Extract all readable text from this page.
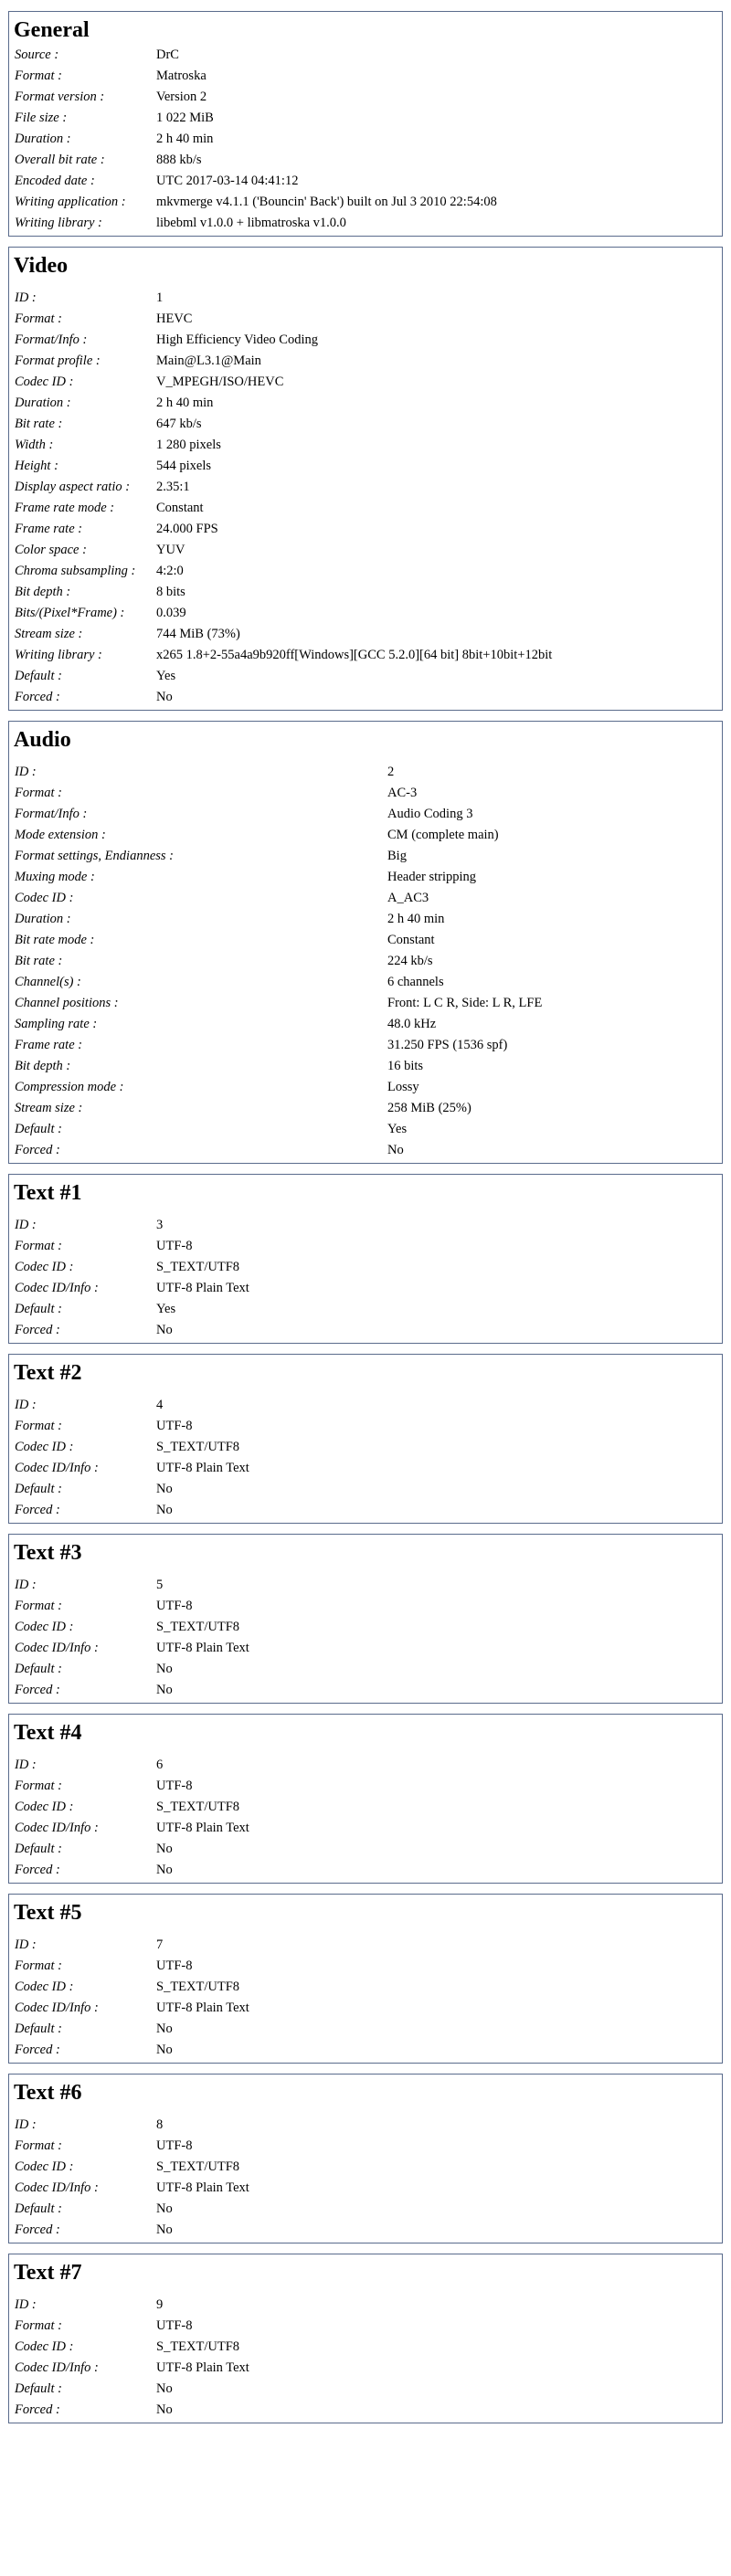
General
Source :	DrC
Format :	Matroska
Format version :	Version 2
File size :	1 022 MiB
Duration :	2 h 40 min
Overall bit rate :	888 kb/s
Encoded date :	UTC 2017-03-14 04:41:12
Writing application :	mkvmerge v4.1.1 ('Bouncin' Back') built on Jul 3 2010 22:54:08
Writing library :	libebml v1.0.0 + libmatroska v1.0.0
Video
ID :	1
Format :	HEVC
Format/Info :	High Efficiency Video Coding
Format profile :	Main@L3.1@Main
Codec ID :	V_MPEGH/ISO/HEVC
Duration :	2 h 40 min
Bit rate :	647 kb/s
Width :	1 280 pixels
Height :	544 pixels
Display aspect ratio :	2.35:1
Frame rate mode :	Constant
Frame rate :	24.000 FPS
Color space :	YUV
Chroma subsampling :	4:2:0
Bit depth :	8 bits
Bits/(Pixel*Frame) :	0.039
Stream size :	744 MiB (73%)
Writing library :	x265 1.8+2-55a4a9b920ff[Windows][GCC 5.2.0][64 bit] 8bit+10bit+12bit
Default :	Yes
Forced :	No
Audio
ID :	2
Format :	AC-3
Format/Info :	Audio Coding 3
Mode extension :	CM (complete main)
Format settings, Endianness :	Big
Muxing mode :	Header stripping
Codec ID :	A_AC3
Duration :	2 h 40 min
Bit rate mode :	Constant
Bit rate :	224 kb/s
Channel(s) :	6 channels
Channel positions :	Front: L C R, Side: L R, LFE
Sampling rate :	48.0 kHz
Frame rate :	31.250 FPS (1536 spf)
Bit depth :	16 bits
Compression mode :	Lossy
Stream size :	258 MiB (25%)
Default :	Yes
Forced :	No
Text #1
ID :	3
Format :	UTF-8
Codec ID :	S_TEXT/UTF8
Codec ID/Info :	UTF-8 Plain Text
Default :	Yes
Forced :	No
Text #2
ID :	4
Format :	UTF-8
Codec ID :	S_TEXT/UTF8
Codec ID/Info :	UTF-8 Plain Text
Default :	No
Forced :	No
Text #3
ID :	5
Format :	UTF-8
Codec ID :	S_TEXT/UTF8
Codec ID/Info :	UTF-8 Plain Text
Default :	No
Forced :	No
Text #4
ID :	6
Format :	UTF-8
Codec ID :	S_TEXT/UTF8
Codec ID/Info :	UTF-8 Plain Text
Default :	No
Forced :	No
Text #5
ID :	7
Format :	UTF-8
Codec ID :	S_TEXT/UTF8
Codec ID/Info :	UTF-8 Plain Text
Default :	No
Forced :	No
Text #6
ID :	8
Format :	UTF-8
Codec ID :	S_TEXT/UTF8
Codec ID/Info :	UTF-8 Plain Text
Default :	No
Forced :	No
Text #7
ID :	9
Format :	UTF-8
Codec ID :	S_TEXT/UTF8
Codec ID/Info :	UTF-8 Plain Text
Default :	No
Forced :	No
